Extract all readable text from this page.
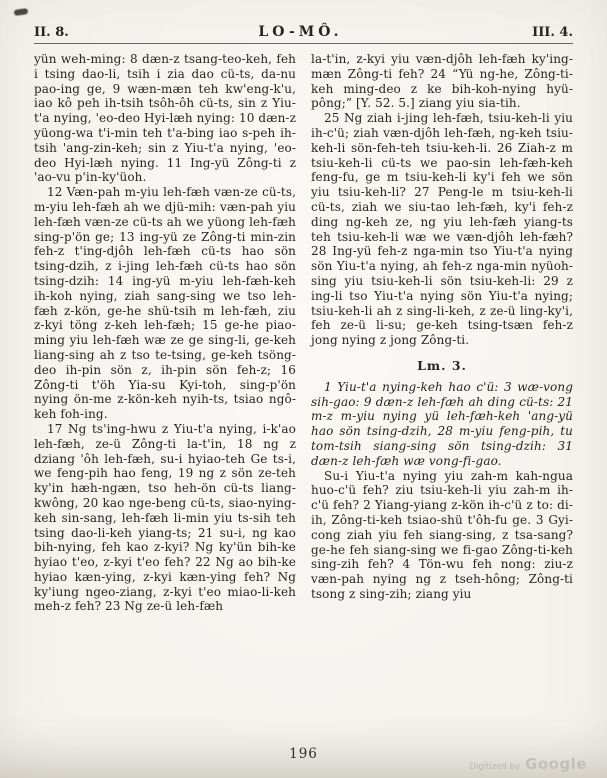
II. 8.	LO-MÔ.	III. 4.

yün weh-ming: 8 dæn-z tsang-teo-keh, feh i tsing dao-li, tsih i zia dao cü-ts, da-nu pao-ing ge, 9 wæn-mæn teh kw'eng-k'u, iao kô peh ih-tsih tsôh-ôh cü-ts, sin z Yiu-t'a nying, 'eo-deo Hyi-læh nying: 10 dæn-z yüong-wa t'i-min teh t'a-bing iao s-peh ih-tsih 'ang-zin-keh; sin z Yiu-t'a nying, 'eo-deo Hyi-læh nying. 11 Ing-yü Zông-ti z 'ao-vu p'in-ky'üoh.

12 Væn-pah m-yiu leh-fæh væn-ze cü-ts, m-yiu leh-fæh ah we djü-mih: væn-pah yiu leh-fæh væn-ze cü-ts ah we yüong leh-fæh sing-p'ön ge; 13 ing-yü ze Zông-ti min-zin feh-z t'ing-djôh leh-fæh cü-ts hao sön tsing-dzih, z i-jing leh-fæh cü-ts hao sön tsing-dzih: 14 ing-yü m-yiu leh-fæh-keh ih-koh nying, ziah sang-sing we tso leh-fæh z-kön, ge-he shü-tsih m leh-fæh, ziu z-kyi töng z-keh leh-fæh; 15 ge-he piao-ming yiu leh-fæh wæ ze ge sing-li, ge-keh liang-sing ah z tso te-tsing, ge-keh tsöng-deo ih-pin sön z, ih-pin sön feh-z; 16 Zông-ti t'öh Yia-su Kyi-toh, sing-p'ön nying ön-me z-kön-keh nyih-ts, tsiao ngô-keh foh-ing.

17 Ng ts'ing-hwu z Yiu-t'a nying, i-k'ao leh-fæh, ze-ü Zông-ti la-t'in, 18 ng z dziang 'ôh leh-fæh, su-i hyiao-teh Ge ts-i, we feng-pih hao feng, 19 ng z sön ze-teh ky'in hæh-ngæn, tso heh-ön cü-ts liang-kwông, 20 kao nge-beng cü-ts, siao-nying-keh sin-sang, leh-fæh li-min yiu ts-sih teh tsing dao-li-keh yiang-ts; 21 su-i, ng kao bih-nying, feh kao z-kyi? Ng ky'ün bih-ke hyiao t'eo, z-kyi t'eo feh? 22 Ng ao bih-ke hyiao kæn-ying, z-kyi kæn-ying feh? Ng ky'iung ngeo-ziang, z-kyi t'eo miao-li-keh meh-z feh? 23 Ng ze-ü leh-fæh

la-t'in, z-kyi yiu væn-djôh leh-fæh ky'ing-mæn Zông-ti feh? 24 “Yü ng-he, Zông-ti-keh ming-deo z ke bih-koh-nying hyü-pông;” [Y. 52. 5.] ziang yiu sia-tih.

25 Ng ziah i-jing leh-fæh, tsiu-keh-li yiu ih-c'ü; ziah væn-djôh leh-fæh, ng-keh tsiu-keh-li sön-feh-teh tsiu-keh-li. 26 Ziah-z m tsiu-keh-li cü-ts we pao-sin leh-fæh-keh feng-fu, ge m tsiu-keh-li ky'i feh we sön yiu tsiu-keh-li? 27 Peng-le m tsiu-keh-li cü-ts, ziah we siu-tao leh-fæh, ky'i feh-z ding ng-keh ze, ng yiu leh-fæh yiang-ts teh tsiu-keh-li wæ we væn-djôh leh-fæh? 28 Ing-yü feh-z nga-min tso Yiu-t'a nying sön Yiu-t'a nying, ah feh-z nga-min nyüoh-sing yiu tsiu-keh-li sön tsiu-keh-li: 29 z ing-li tso Yiu-t'a nying sön Yiu-t'a nying; tsiu-keh-li ah z sing-li-keh, z ze-ü ling-ky'i, feh ze-ü li-su; ge-keh tsing-tsæn feh-z jong nying z jong Zông-ti.

Lm. 3.

1 Yiu-t'a nying-keh hao c'ü: 3 wæ-vong sih-gao: 9 dæn-z leh-fæh ah ding cü-ts: 21 m-z m-yiu nying yü leh-fæh-keh 'ang-yü hao sön tsing-dzih, 28 m-yiu feng-pih, tu tom-tsih siang-sing sön tsing-dzih: 31 dæn-z leh-fæh wæ vong-fi-gao.

Su-i Yiu-t'a nying yiu zah-m kah-ngua huo-c'ü feh? ziu tsiu-keh-li yiu zah-m ih-c'ü feh? 2 Yiang-yiang z-kön ih-c'ü z to: di-ih, Zông-ti-keh tsiao-shü t'ôh-fu ge. 3 Gyi-cong ziah yiu feh siang-sing, z tsa-sang? ge-he feh siang-sing we fi-gao Zông-ti-keh sing-zih feh? 4 Tön-wu feh nong: ziu-z væn-pah nying ng z tseh-hông; Zông-ti tsong z sing-zih; ziang yiu

196
Digitized by Google
